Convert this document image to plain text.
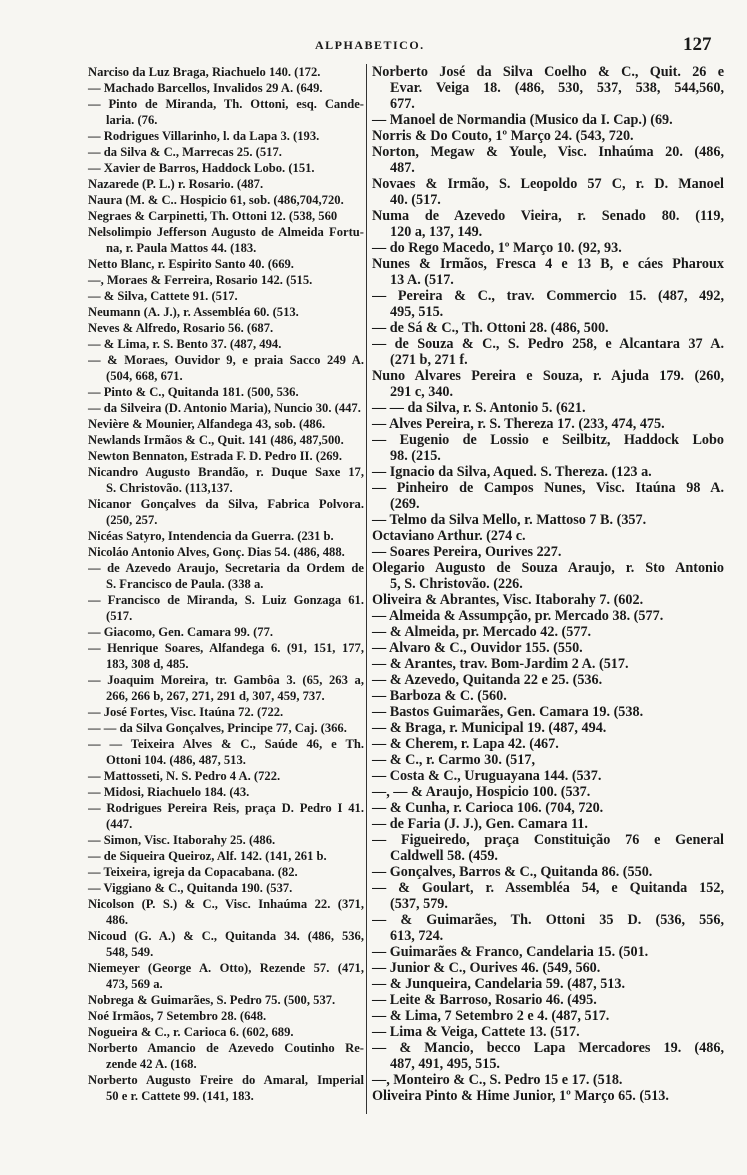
ALPHABETICO.	127
Narciso da Luz Braga, Riachuelo 140. (172.
— Machado Barcellos, Invalidos 29 A. (649.
— Pinto de Miranda, Th. Ottoni, esq. Cande-
laria. (76.
— Rodrigues Villarinho, l. da Lapa 3. (193.
— da Silva & C., Marrecas 25. (517.
— Xavier de Barros, Haddock Lobo. (151.
Nazarede (P. L.) r. Rosario. (487.
Naura (M. & C.. Hospicio 61, sob. (486,704,720.
Negraes & Carpinetti, Th. Ottoni 12. (538, 560
Nelsolimpio Jefferson Augusto de Almeida Fortu-
na, r. Paula Mattos 44. (183.
Netto Blanc, r. Espirito Santo 40. (669.
—, Moraes & Ferreira, Rosario 142. (515.
— & Silva, Cattete 91. (517.
Neumann (A. J.), r. Assembléa 60. (513.
Neves & Alfredo, Rosario 56. (687.
— & Lima, r. S. Bento 37. (487, 494.
— & Moraes, Ouvidor 9, e praia Sacco 249 A.
(504, 668, 671.
— Pinto & C., Quitanda 181. (500, 536.
— da Silveira (D. Antonio Maria), Nuncio 30. (447.
Nevière & Mounier, Alfandega 43, sob. (486.
Newlands Irmãos & C., Quit. 141 (486, 487,500.
Newton Bennaton, Estrada F. D. Pedro II. (269.
Nicandro Augusto Brandão, r. Duque Saxe 17,
S. Christovão. (113,137.
Nicanor Gonçalves da Silva, Fabrica Polvora.
(250, 257.
Nicéas Satyro, Intendencia da Guerra. (231 b.
Nicoláo Antonio Alves, Gonç. Dias 54. (486, 488.
— de Azevedo Araujo, Secretaria da Ordem de
S. Francisco de Paula. (338 a.
— Francisco de Miranda, S. Luiz Gonzaga 61.
(517.
— Giacomo, Gen. Camara 99. (77.
— Henrique Soares, Alfandega 6. (91, 151, 177,
183, 308 d, 485.
— Joaquim Moreira, tr. Gambôa 3. (65, 263 a,
266, 266 b, 267, 271, 291 d, 307, 459, 737.
— José Fortes, Visc. Itaúna 72. (722.
— — da Silva Gonçalves, Principe 77, Caj. (366.
— — Teixeira Alves & C., Saúde 46, e Th.
Ottoni 104. (486, 487, 513.
— Mattosseti, N. S. Pedro 4 A. (722.
— Midosi, Riachuelo 184. (43.
— Rodrigues Pereira Reis, praça D. Pedro I 41.
(447.
— Simon, Visc. Itaborahy 25. (486.
— de Siqueira Queiroz, Alf. 142. (141, 261 b.
— Teixeira, igreja da Copacabana. (82.
— Viggiano & C., Quitanda 190. (537.
Nicolson (P. S.) & C., Visc. Inhaúma 22. (371,
486.
Nicoud (G. A.) & C., Quitanda 34. (486, 536,
548, 549.
Niemeyer (George A. Otto), Rezende 57. (471,
473, 569 a.
Nobrega & Guimarães, S. Pedro 75. (500, 537.
Noé Irmãos, 7 Setembro 28. (648.
Nogueira & C., r. Carioca 6. (602, 689.
Norberto Amancio de Azevedo Coutinho Re-
zende 42 A. (168.
Norberto Augusto Freire do Amaral, Imperial
50 e r. Cattete 99. (141, 183.
Norberto José da Silva Coelho & C., Quit. 26 e
Evar. Veiga 18. (486, 530, 537, 538, 544,560,
677.
— Manoel de Normandia (Musico da I. Cap.) (69.
Norris & Do Couto, 1º Março 24. (543, 720.
Norton, Megaw & Youle, Visc. Inhaúma 20. (486,
487.
Novaes & Irmão, S. Leopoldo 57 C, r. D. Manoel
40. (517.
Numa de Azevedo Vieira, r. Senado 80. (119,
120 a, 137, 149.
— do Rego Macedo, 1º Março 10. (92, 93.
Nunes & Irmãos, Fresca 4 e 13 B, e cáes Pharoux
13 A. (517.
— Pereira & C., trav. Commercio 15. (487, 492,
495, 515.
— de Sá & C., Th. Ottoni 28. (486, 500.
— de Souza & C., S. Pedro 258, e Alcantara 37 A.
(271 b, 271 f.
Nuno Alvares Pereira e Souza, r. Ajuda 179. (260,
291 c, 340.
— — da Silva, r. S. Antonio 5. (621.
— Alves Pereira, r. S. Thereza 17. (233, 474, 475.
— Eugenio de Lossio e Seilbitz, Haddock Lobo
98. (215.
— Ignacio da Silva, Aqued. S. Thereza. (123 a.
— Pinheiro de Campos Nunes, Visc. Itaúna 98 A.
(269.
— Telmo da Silva Mello, r. Mattoso 7 B. (357.
Octaviano Arthur. (274 c.
— Soares Pereira, Ourives 227.
Olegario Augusto de Souza Araujo, r. Sto Antonio
5, S. Christovão. (226.
Oliveira & Abrantes, Visc. Itaborahy 7. (602.
— Almeida & Assumpção, pr. Mercado 38. (577.
— & Almeida, pr. Mercado 42. (577.
— Alvaro & C., Ouvidor 155. (550.
— & Arantes, trav. Bom-Jardim 2 A. (517.
— & Azevedo, Quitanda 22 e 25. (536.
— Barboza & C. (560.
— Bastos Guimarães, Gen. Camara 19. (538.
— & Braga, r. Municipal 19. (487, 494.
— & Cherem, r. Lapa 42. (467.
— & C., r. Carmo 30. (517,
— Costa & C., Uruguayana 144. (537.
—, — & Araujo, Hospicio 100. (537.
— & Cunha, r. Carioca 106. (704, 720.
— de Faria (J. J.), Gen. Camara 11.
— Figueiredo, praça Constituição 76 e General
Caldwell 58. (459.
— Gonçalves, Barros & C., Quitanda 86. (550.
— & Goulart, r. Assembléa 54, e Quitanda 152,
(537, 579.
— & Guimarães, Th. Ottoni 35 D. (536, 556,
613, 724.
— Guimarães & Franco, Candelaria 15. (501.
— Junior & C., Ourives 46. (549, 560.
— & Junqueira, Candelaria 59. (487, 513.
— Leite & Barroso, Rosario 46. (495.
— & Lima, 7 Setembro 2 e 4. (487, 517.
— Lima & Veiga, Cattete 13. (517.
— & Mancio, becco Lapa Mercadores 19. (486,
487, 491, 495, 515.
—, Monteiro & C., S. Pedro 15 e 17. (518.
Oliveira Pinto & Hime Junior, 1º Março 65. (513.
